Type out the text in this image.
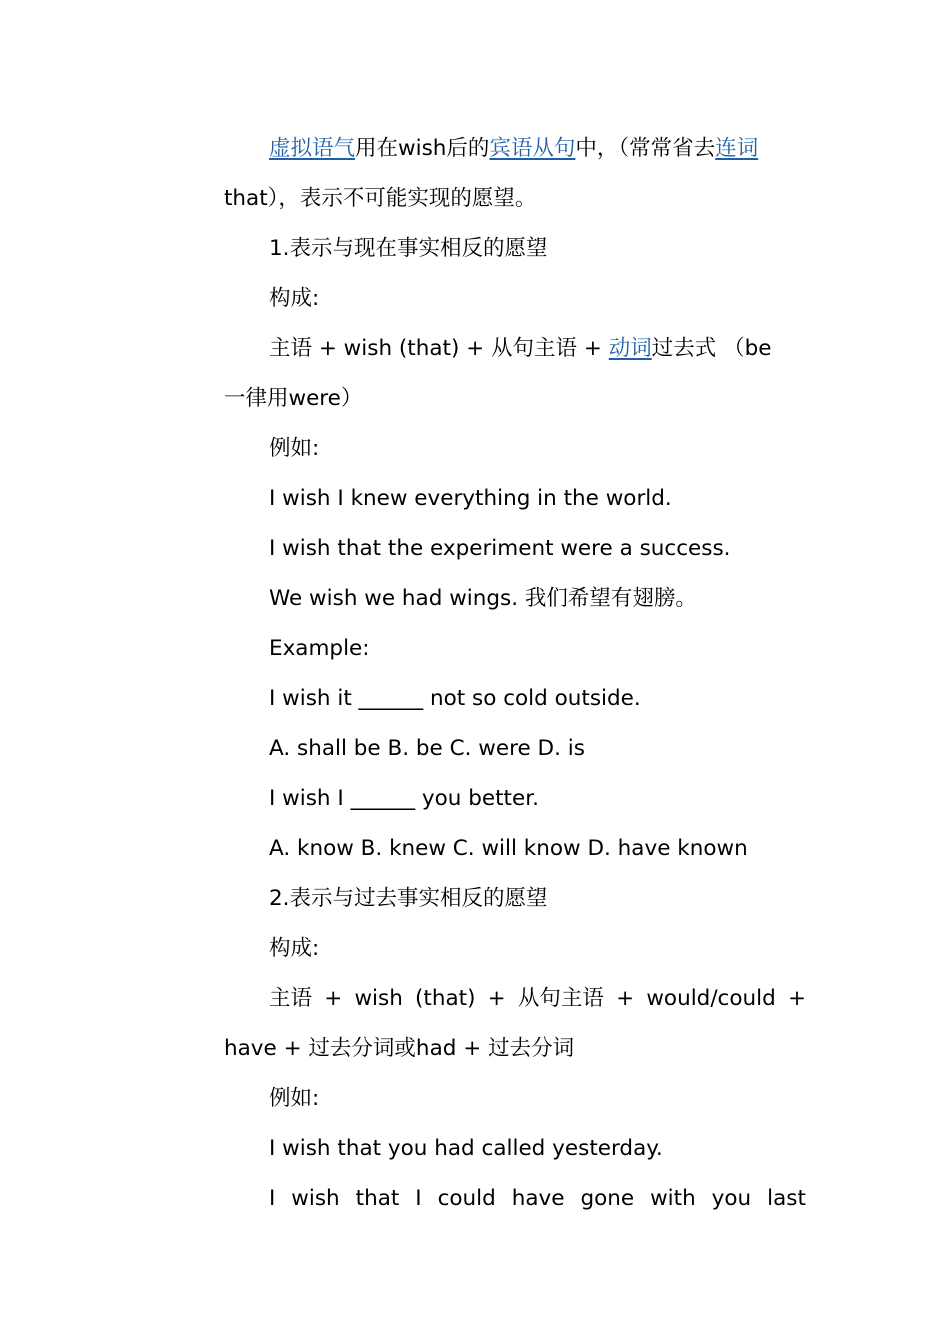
虚拟语气用在wish后的宾语从句中，（常常省去连词

that），表示不可能实现的愿望。

1.表示与现在事实相反的愿望

构成:

主语 + wish (that) + 从句主语 + 动词过去式 （be

一律用were）

例如:

I wish I knew everything in the world.

I wish that the experiment were a success.

We wish we had wings. 我们希望有翅膀。

Example:

I wish it ______ not so cold outside.

A. shall be B. be C. were D. is

I wish I ______ you better.

A. know B. knew C. will know D. have known

2.表示与过去事实相反的愿望

构成:

主语 + wish (that) + 从句主语 + would/could +

have + 过去分词或had + 过去分词

例如:

I wish that you had called yesterday.

I wish that I could have gone with you last
